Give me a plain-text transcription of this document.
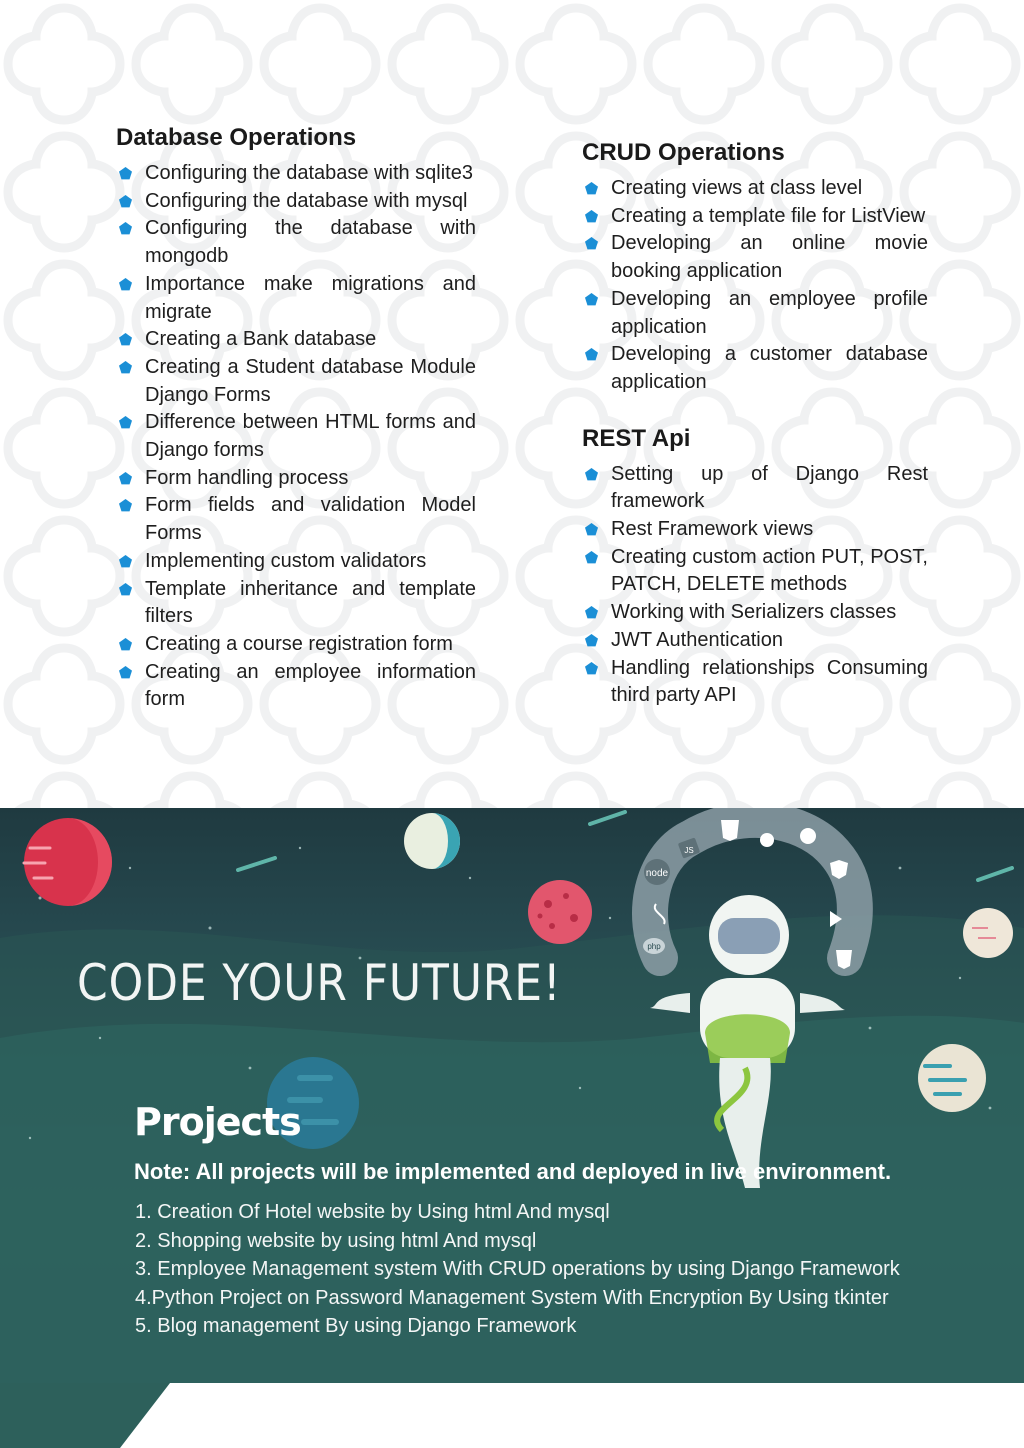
Database Operations
Configuring the database with sqlite3
Configuring the database with mysql
Configuring the database with mongodb
Importance make migrations and migrate
Creating a Bank database
Creating a Student database Module Django Forms
Difference between HTML forms and Django forms
Form handling process
Form fields and validation Model Forms
Implementing custom validators
Template inheritance and template filters
Creating a course registration form
Creating an employee information form
CRUD Operations
Creating views at class level
Creating a template file for ListView
Developing an online movie booking application
Developing an employee profile application
Developing a customer database application
REST Api
Setting up of Django Rest framework
Rest Framework views
Creating custom action PUT, POST, PATCH, DELETE methods
Working with Serializers classes
JWT Authentication
Handling relationships Consuming third party API
node
JS
php
CODE YOUR FUTURE!
Projects
Note: All projects will be implemented and deployed in live environment.
1. Creation Of Hotel website by Using html And mysql
2. Shopping website by using html And mysql
3. Employee Management system With CRUD operations by using Django Framework
4.Python Project on Password Management System With Encryption By Using tkinter
5. Blog management By using Django Framework
